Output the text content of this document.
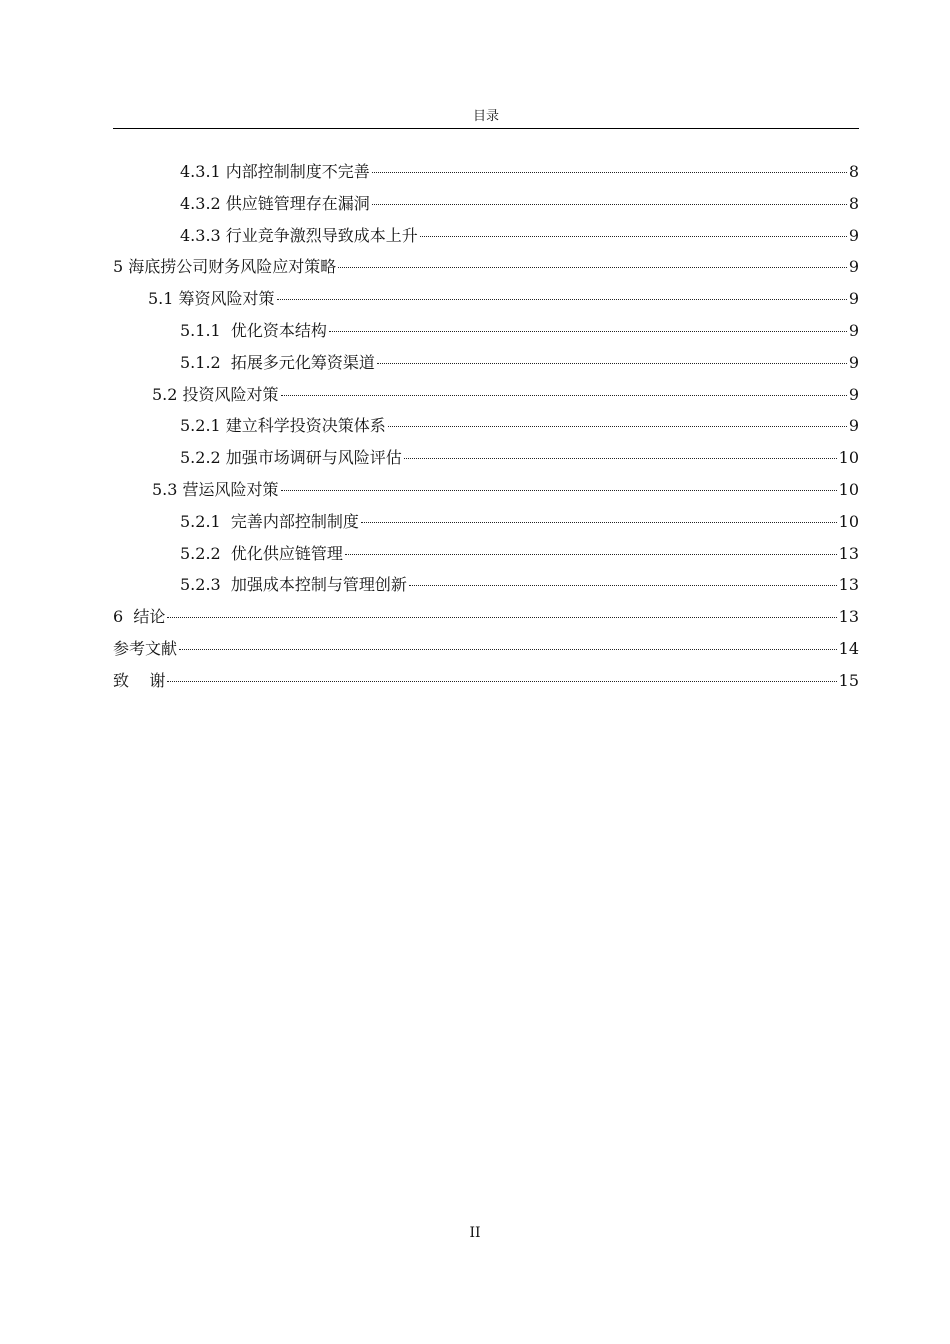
目录
4.3.1 内部控制制度不完善	8
4.3.2 供应链管理存在漏洞	8
4.3.3 行业竞争激烈导致成本上升	9
5 海底捞公司财务风险应对策略	9
5.1 筹资风险对策	9
5.1.1  优化资本结构	9
5.1.2  拓展多元化筹资渠道	9
5.2 投资风险对策	9
5.2.1 建立科学投资决策体系	9
5.2.2 加强市场调研与风险评估	10
5.3 营运风险对策	10
5.2.1  完善内部控制制度	10
5.2.2  优化供应链管理	13
5.2.3  加强成本控制与管理创新	13
6  结论	13
参考文献	14
致    谢	15
II
